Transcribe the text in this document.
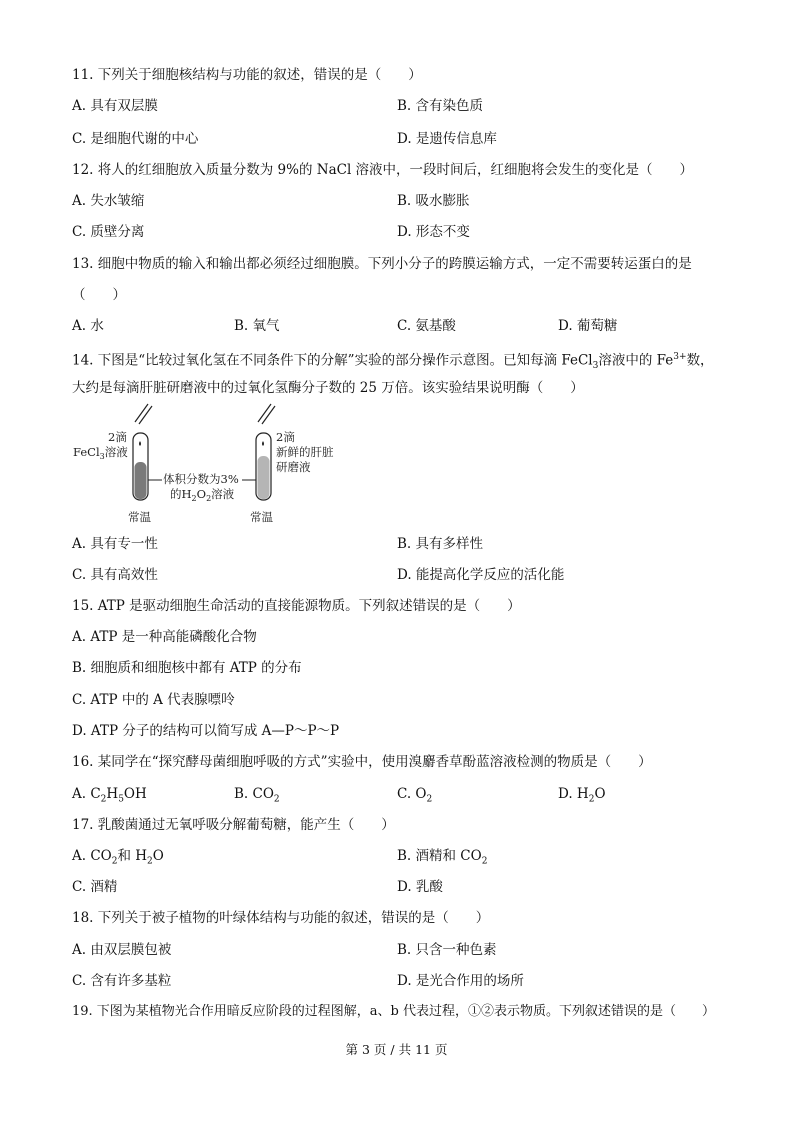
11. 下列关于细胞核结构与功能的叙述，错误的是（　　）
A. 具有双层膜	B. 含有染色质
C. 是细胞代谢的中心	D. 是遗传信息库
12. 将人的红细胞放入质量分数为 9%的 NaCl 溶液中，一段时间后，红细胞将会发生的变化是（　　）
A. 失水皱缩	B. 吸水膨胀
C. 质壁分离	D. 形态不变
13. 细胞中物质的输入和输出都必须经过细胞膜。下列小分子的跨膜运输方式，一定不需要转运蛋白的是
（　　）
A. 水	B. 氧气	C. 氨基酸	D. 葡萄糖
14. 下图是“比较过氧化氢在不同条件下的分解”实验的部分操作示意图。已知每滴 FeCl$_3$溶液中的 $Fe^{3+}$数，
大约是每滴肝脏研磨液中的过氧化氢酶分子数的 25 万倍。该实验结果说明酶（　　）
2滴
FeCl$_3$溶液
2滴
新鲜的肝脏
研磨液
体积分数为3%
的$H_2O_2$溶液
常温	常温
A. 具有专一性	B. 具有多样性
C. 具有高效性	D. 能提高化学反应的活化能
15. ATP 是驱动细胞生命活动的直接能源物质。下列叙述错误的是（　　）
A. ATP 是一种高能磷酸化合物
B. 细胞质和细胞核中都有 ATP 的分布
C. ATP 中的 A 代表腺嘌呤
D. ATP 分子的结构可以简写成 A—P～P～P
16. 某同学在“探究酵母菌细胞呼吸的方式”实验中，使用溴麝香草酚蓝溶液检测的物质是（　　）
A. $C_2H_5OH$	B. $CO_2$	C. $O_2$	D. $H_2O$
17. 乳酸菌通过无氧呼吸分解葡萄糖，能产生（　　）
A. $CO_2$和 $H_2O$	B. 酒精和 $CO_2$
C. 酒精	D. 乳酸
18. 下列关于被子植物的叶绿体结构与功能的叙述，错误的是（　　）
A. 由双层膜包被	B. 只含一种色素
C. 含有许多基粒	D. 是光合作用的场所
19. 下图为某植物光合作用暗反应阶段的过程图解，a、b 代表过程，①②表示物质。下列叙述错误的是（　　）
第 3 页 / 共 11 页
